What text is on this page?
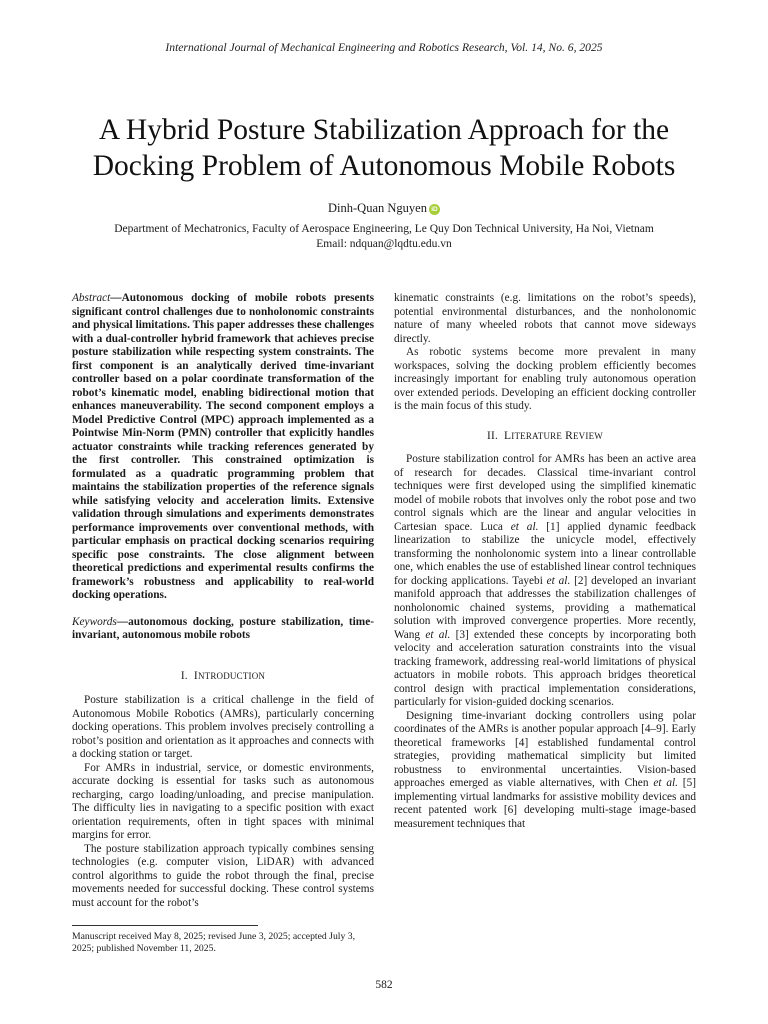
International Journal of Mechanical Engineering and Robotics Research, Vol. 14, No. 6, 2025
A Hybrid Posture Stabilization Approach for the
Docking Problem of Autonomous Mobile Robots
Dinh-Quan Nguyen iD
Department of Mechatronics, Faculty of Aerospace Engineering, Le Quy Don Technical University, Ha Noi, Vietnam
Email: ndquan@lqdtu.edu.vn

Abstract—Autonomous docking of mobile robots presents significant control challenges due to nonholonomic constraints and physical limitations. This paper addresses these challenges with a dual-controller hybrid framework that achieves precise posture stabilization while respecting system constraints. The first component is an analytically derived time-invariant controller based on a polar coordinate transformation of the robot’s kinematic model, enabling bidirectional motion that enhances maneuverability. The second component employs a Model Predictive Control (MPC) approach implemented as a Pointwise Min-Norm (PMN) controller that explicitly handles actuator constraints while tracking references generated by the first controller. This constrained optimization is formulated as a quadratic programming problem that maintains the stabilization properties of the reference signals while satisfying velocity and acceleration limits. Extensive validation through simulations and experiments demonstrates performance improvements over conventional methods, with particular emphasis on practical docking scenarios requiring specific pose constraints. The close alignment between theoretical predictions and experimental results confirms the framework’s robustness and applicability to real-world docking operations.

Keywords—autonomous docking, posture stabilization, time-invariant, autonomous mobile robots

I. INTRODUCTION

Posture stabilization is a critical challenge in the field of Autonomous Mobile Robotics (AMRs), particularly concerning docking operations. This problem involves precisely controlling a robot’s position and orientation as it approaches and connects with a docking station or target.

For AMRs in industrial, service, or domestic environments, accurate docking is essential for tasks such as autonomous recharging, cargo loading/unloading, and precise manipulation. The difficulty lies in navigating to a specific position with exact orientation requirements, often in tight spaces with minimal margins for error.

The posture stabilization approach typically combines sensing technologies (e.g. computer vision, LiDAR) with advanced control algorithms to guide the robot through the final, precise movements needed for successful docking. These control systems must account for the robot’s

kinematic constraints (e.g. limitations on the robot’s speeds), potential environmental disturbances, and the nonholonomic nature of many wheeled robots that cannot move sideways directly.

As robotic systems become more prevalent in many workspaces, solving the docking problem efficiently becomes increasingly important for enabling truly autonomous operation over extended periods. Developing an efficient docking controller is the main focus of this study.

II. LITERATURE REVIEW

Posture stabilization control for AMRs has been an active area of research for decades. Classical time-invariant control techniques were first developed using the simplified kinematic model of mobile robots that involves only the robot pose and two control signals which are the linear and angular velocities in Cartesian space. Luca et al. [1] applied dynamic feedback linearization to stabilize the unicycle model, effectively transforming the nonholonomic system into a linear controllable one, which enables the use of established linear control techniques for docking applications. Tayebi et al. [2] developed an invariant manifold approach that addresses the stabilization challenges of nonholonomic chained systems, providing a mathematical solution with improved convergence properties. More recently, Wang et al. [3] extended these concepts by incorporating both velocity and acceleration saturation constraints into the visual tracking framework, addressing real-world limitations of physical actuators in mobile robots. This approach bridges theoretical control design with practical implementation considerations, particularly for vision-guided docking scenarios.

Designing time-invariant docking controllers using polar coordinates of the AMRs is another popular approach [4–9]. Early theoretical frameworks [4] established fundamental control strategies, providing mathematical simplicity but limited robustness to environmental uncertainties. Vision-based approaches emerged as viable alternatives, with Chen et al. [5] implementing virtual landmarks for assistive mobility devices and recent patented work [6] developing multi-stage image-based measurement techniques that

Manuscript received May 8, 2025; revised June 3, 2025; accepted July 3, 2025; published November 11, 2025.
582
